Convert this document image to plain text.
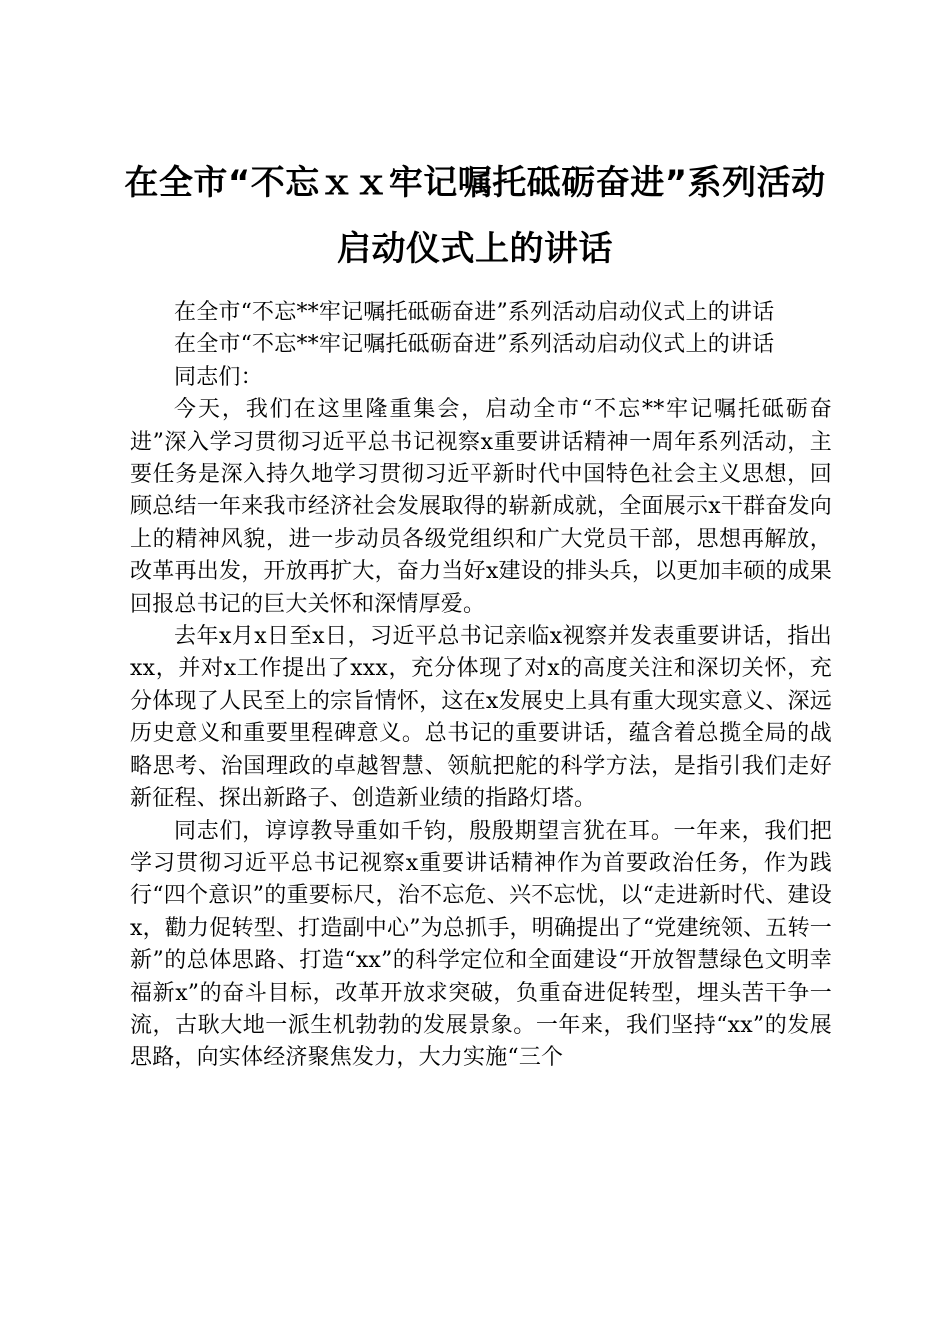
在全市“不忘ｘｘ牢记嘱托砥砺奋进”系列活动启动仪式上的讲话

在全市“不忘**牢记嘱托砥砺奋进”系列活动启动仪式上的讲话

在全市“不忘**牢记嘱托砥砺奋进”系列活动启动仪式上的讲话

同志们：

今天，我们在这里隆重集会，启动全市“不忘**牢记嘱托砥砺奋进”深入学习贯彻习近平总书记视察x重要讲话精神一周年系列活动，主要任务是深入持久地学习贯彻习近平新时代中国特色社会主义思想，回顾总结一年来我市经济社会发展取得的崭新成就，全面展示x干群奋发向上的精神风貌，进一步动员各级党组织和广大党员干部，思想再解放，改革再出发，开放再扩大，奋力当好x建设的排头兵，以更加丰硕的成果回报总书记的巨大关怀和深情厚爱。

去年x月x日至x日，习近平总书记亲临x视察并发表重要讲话，指出xx，并对x工作提出了xxx，充分体现了对x的高度关注和深切关怀，充分体现了人民至上的宗旨情怀，这在x发展史上具有重大现实意义、深远历史意义和重要里程碑意义。总书记的重要讲话，蕴含着总揽全局的战略思考、治国理政的卓越智慧、领航把舵的科学方法，是指引我们走好新征程、探出新路子、创造新业绩的指路灯塔。

同志们，谆谆教导重如千钧，殷殷期望言犹在耳。一年来，我们把学习贯彻习近平总书记视察x重要讲话精神作为首要政治任务，作为践行“四个意识”的重要标尺，治不忘危、兴不忘忧，以“走进新时代、建设x，勸力促转型、打造副中心”为总抓手，明确提出了“党建统领、五转一新”的总体思路、打造“xx”的科学定位和全面建设“开放智慧绿色文明幸福新x”的奋斗目标，改革开放求突破，负重奋进促转型，埋头苦干争一流，古耿大地一派生机勃勃的发展景象。一年来，我们坚持“xx”的发展思路，向实体经济聚焦发力，大力实施“三个
